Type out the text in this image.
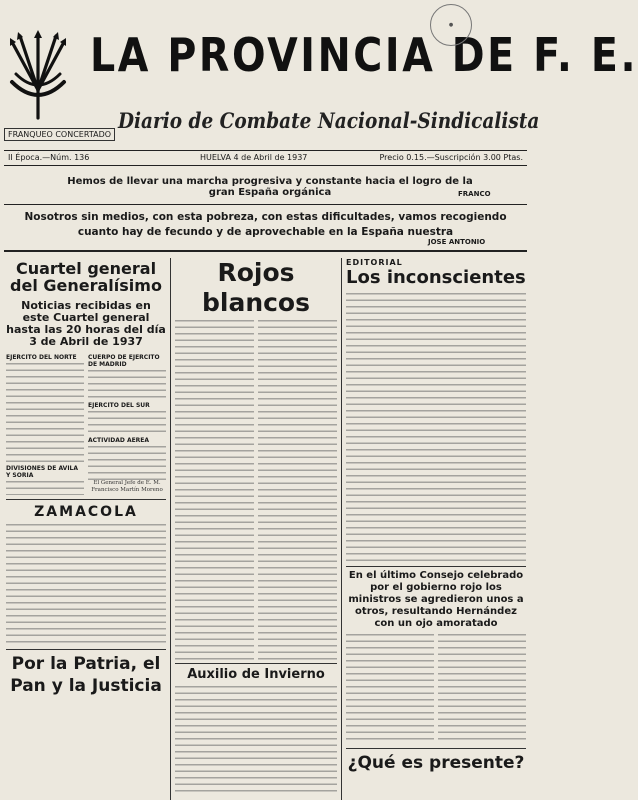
LA PROVINCIA DE F. E.
Diario de Combate Nacional-Sindicalista
FRANQUEO CONCERTADO
●
II Época.—Núm. 136	HUELVA 4 de Abril de 1937	Precio 0.15.—Suscripción 3.00 Ptas.
Hemos de llevar una marcha progresiva y constante hacia el logro de la gran España orgánica	FRANCO
Nosotros sin medios, con esta pobreza, con estas dificultades, vamos recogiendo cuanto hay de fecundo y de aprovechable en la España nuestra
JOSE ANTONIO
Cuartel general del Generalísimo
Noticias recibidas en este Cuartel general hasta las 20 horas del día 3 de Abril de 1937
EJERCITO DEL NORTE
DIVISIONES DE AVILA Y SORIA
CUERPO DE EJERCITO DE MADRID
EJERCITO DEL SUR
ACTIVIDAD AEREA
El General Jefe de E. M. Francisco Martín Moreno
ZAMACOLA
Por la Patria, el Pan y la Justicia
Rojos blancos
Auxilio de Invierno
EDITORIAL
Los inconscientes
En el último Consejo celebrado por el gobierno rojo los ministros se agredieron unos a otros, resultando Hernández con un ojo amoratado
¿Qué es presente?
